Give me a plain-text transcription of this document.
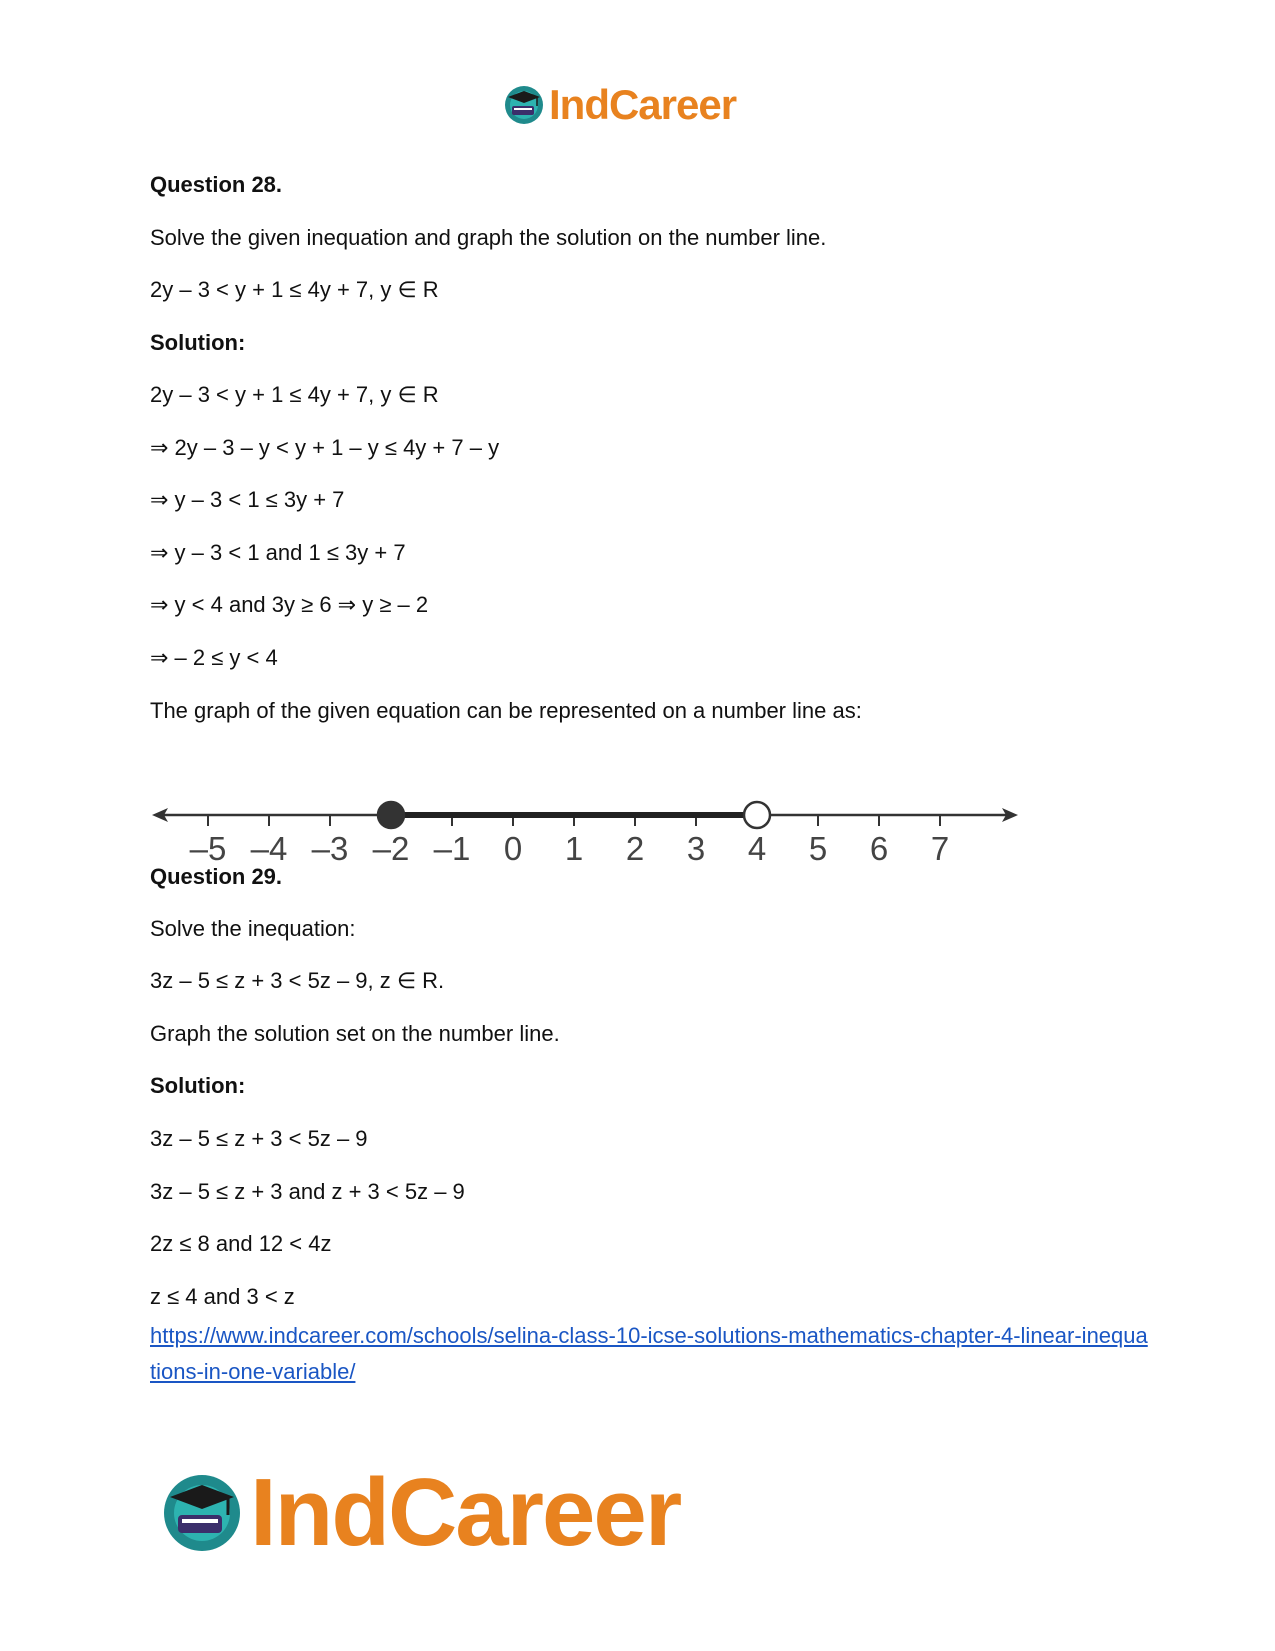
IndCareer
Question 28.
Solve the given inequation and graph the solution on the number line.
2y – 3 < y + 1 ≤ 4y + 7, y ∈ R
Solution:
2y – 3 < y + 1 ≤ 4y + 7, y ∈ R
⇒ 2y – 3 – y < y + 1 – y ≤ 4y + 7 – y
⇒ y – 3 < 1 ≤ 3y + 7
⇒ y – 3 < 1 and 1 ≤ 3y + 7
⇒ y < 4 and 3y ≥ 6 ⇒ y ≥ – 2
⇒ – 2 ≤ y < 4
The graph of the given equation can be represented on a number line as:
–5 –4 –3 –2 –1 0 1 2 3 4 5 6 7
Question 29.
Solve the inequation:
3z – 5 ≤ z + 3 < 5z – 9, z ∈ R.
Graph the solution set on the number line.
Solution:
3z – 5 ≤ z + 3 < 5z – 9
3z – 5 ≤ z + 3 and z + 3 < 5z – 9
2z ≤ 8 and 12 < 4z
z ≤ 4 and 3 < z
https://www.indcareer.com/schools/selina-class-10-icse-solutions-mathematics-chapter-4-linear-inequations-in-one-variable/
IndCareer
